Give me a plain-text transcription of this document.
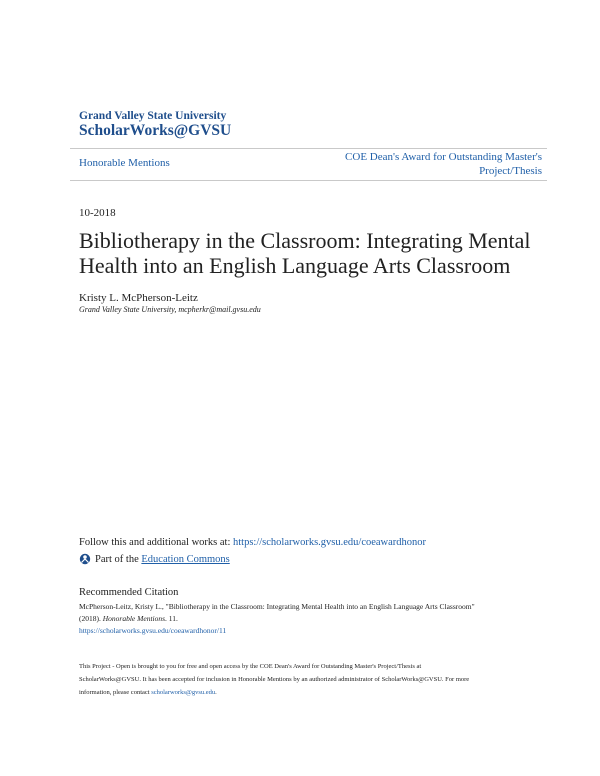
Grand Valley State University
ScholarWorks@GVSU
Honorable Mentions	COE Dean's Award for Outstanding Master's
Project/Thesis
10-2018
Bibliotherapy in the Classroom: Integrating Mental Health into an English Language Arts Classroom
Kristy L. McPherson-Leitz
Grand Valley State University, mcpherkr@mail.gvsu.edu
Follow this and additional works at: https://scholarworks.gvsu.edu/coeawardhonor
Part of the
Education Commons
Recommended Citation
McPherson-Leitz, Kristy L., "Bibliotherapy in the Classroom: Integrating Mental Health into an English Language Arts Classroom"
(2018). Honorable Mentions. 11.
https://scholarworks.gvsu.edu/coeawardhonor/11
This Project - Open is brought to you for free and open access by the COE Dean's Award for Outstanding Master's Project/Thesis at
ScholarWorks@GVSU. It has been accepted for inclusion in Honorable Mentions by an authorized administrator of ScholarWorks@GVSU. For more
information, please contact scholarworks@gvsu.edu.
